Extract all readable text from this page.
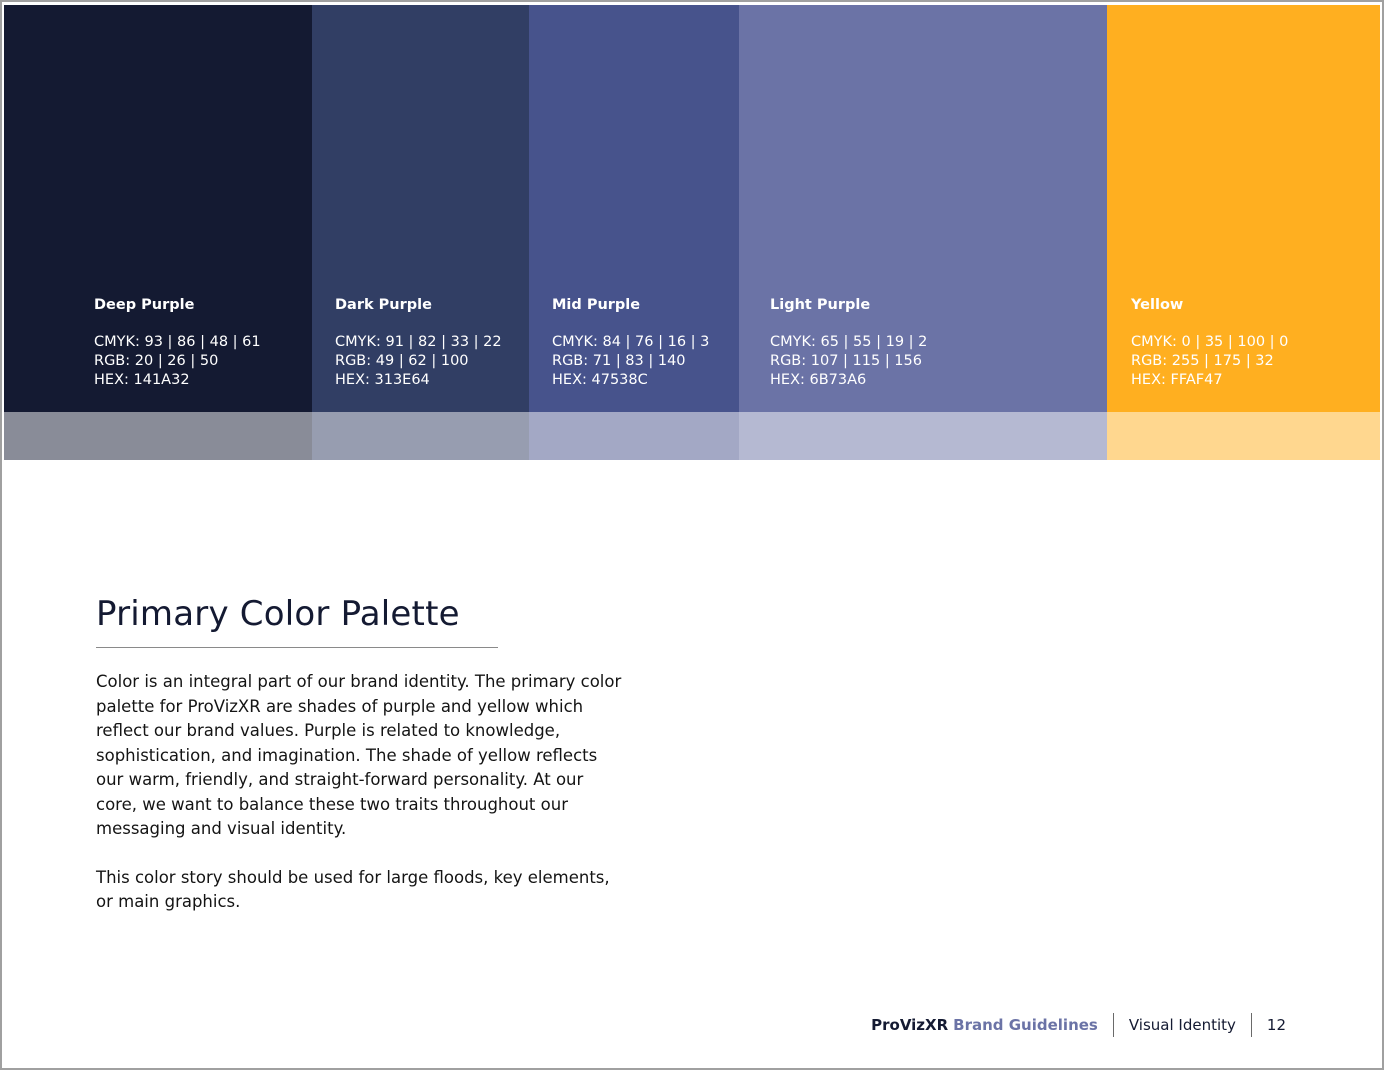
Deep Purple
CMYK: 93 | 86 | 48 | 61
RGB: 20 | 26 | 50
HEX: 141A32
Dark Purple
CMYK: 91 | 82 | 33 | 22
RGB: 49 | 62 | 100
HEX: 313E64
Mid Purple
CMYK: 84 | 76 | 16 | 3
RGB: 71 | 83 | 140
HEX: 47538C
Light Purple
CMYK: 65 | 55 | 19 | 2
RGB: 107 | 115 | 156
HEX: 6B73A6
Yellow
CMYK: 0 | 35 | 100 | 0
RGB: 255 | 175 | 32
HEX: FFAF47
Primary Color Palette

Color is an integral part of our brand identity. The primary color palette for ProVizXR are shades of purple and yellow which reflect our brand values. Purple is related to knowledge, sophistication, and imagination. The shade of yellow reflects our warm, friendly, and straight-forward personality. At our core, we want to balance these two traits throughout our messaging and visual identity.

This color story should be used for large floods, key elements, or main graphics.

ProVizXR Brand Guidelines Visual Identity 12
